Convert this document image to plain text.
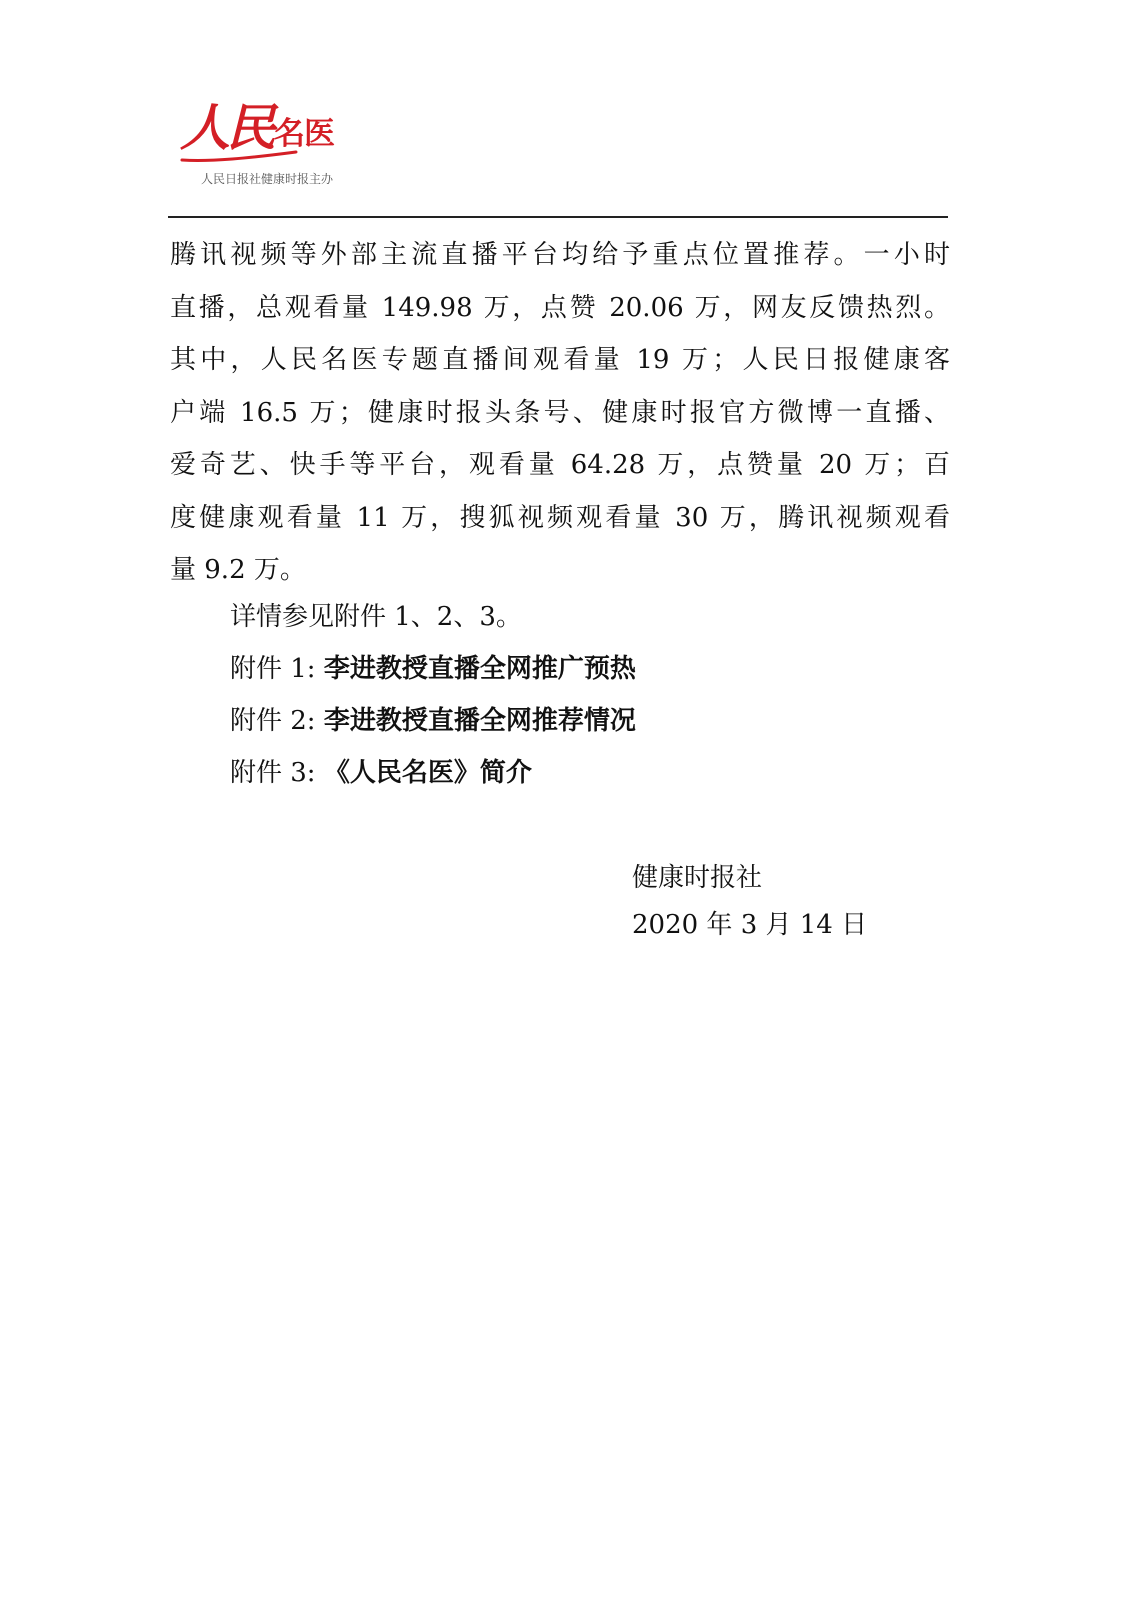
人民 名医
人民日报社健康时报主办
腾讯视频等外部主流直播平台均给予重点位置推荐。一小时
直播，总观看量 149.98 万，点赞 20.06 万，网友反馈热烈。
其中，人民名医专题直播间观看量 19 万；人民日报健康客
户端 16.5 万；健康时报头条号、健康时报官方微博一直播、
爱奇艺、快手等平台，观看量 64.28 万，点赞量 20 万；百
度健康观看量 11 万，搜狐视频观看量 30 万，腾讯视频观看
量 9.2 万。
详情参见附件 1、2、3。
附件 1: 李进教授直播全网推广预热
附件 2: 李进教授直播全网推荐情况
附件 3: 《人民名医》简介
健康时报社
2020 年 3 月 14 日
